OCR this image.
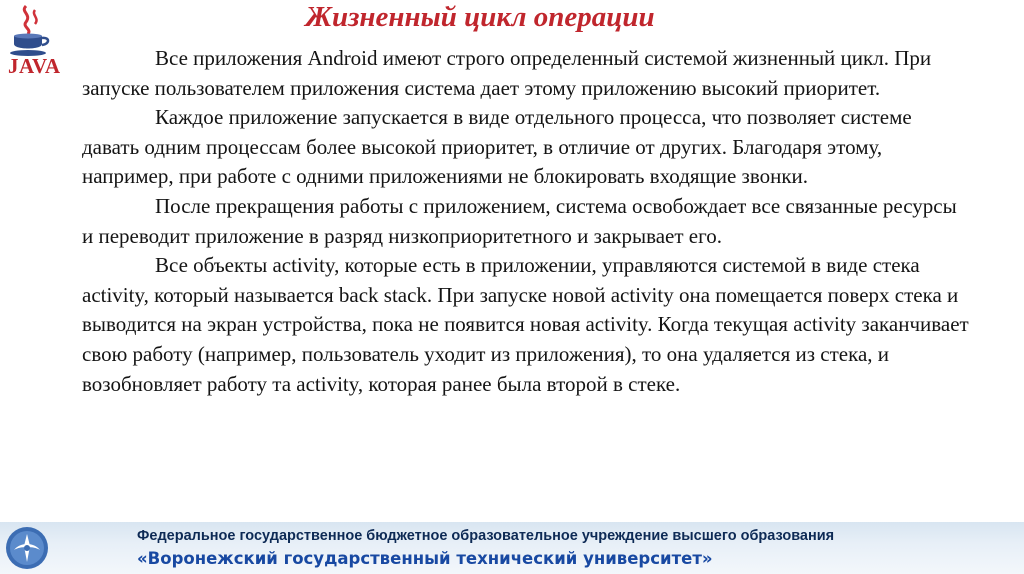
JAVA
Жизненный цикл операции

Все приложения Android имеют строго определенный системой жизненный цикл. При запуске пользователем приложения система дает этому приложению высокий приоритет.

Каждое приложение запускается в виде отдельного процесса, что позволяет системе давать одним процессам более высокой приоритет, в отличие от других. Благодаря этому, например, при работе с одними приложениями не блокировать входящие звонки.

После прекращения работы с приложением, система освобождает все связанные ресурсы и переводит приложение в разряд низкоприоритетного и закрывает его.

Все объекты activity, которые есть в приложении, управляются системой в виде стека activity, который называется back stack. При запуске новой activity она помещается поверх стека и выводится на экран устройства, пока не появится новая activity. Когда текущая activity заканчивает свою работу (например, пользователь уходит из приложения), то она удаляется из стека, и возобновляет работу та activity, которая ранее была второй в стеке.

Федеральное государственное бюджетное образовательное учреждение высшего образования
«Воронежский государственный технический университет»
